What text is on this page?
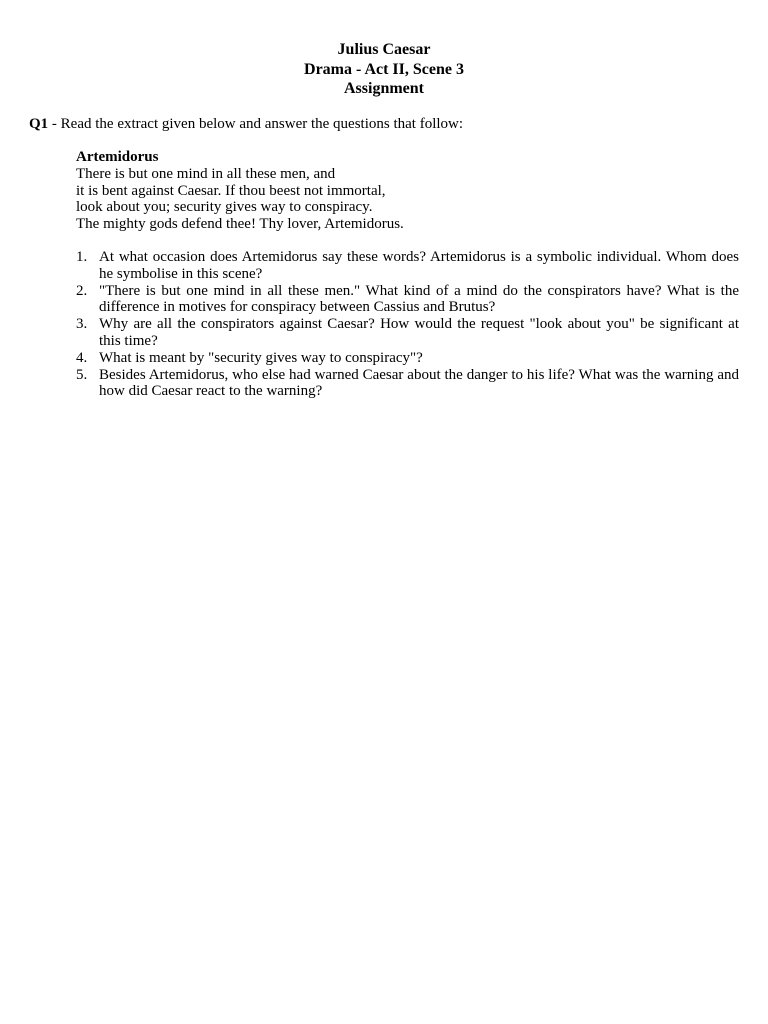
Julius Caesar
Drama - Act II, Scene 3
Assignment
Q1 - Read the extract given below and answer the questions that follow:
Artemidorus
There is but one mind in all these men, and
it is bent against Caesar. If thou beest not immortal,
look about you; security gives way to conspiracy.
The mighty gods defend thee! Thy lover, Artemidorus.
1. At what occasion does Artemidorus say these words? Artemidorus is a symbolic individual. Whom does he symbolise in this scene?
2. "There is but one mind in all these men." What kind of a mind do the conspirators have? What is the difference in motives for conspiracy between Cassius and Brutus?
3. Why are all the conspirators against Caesar? How would the request "look about you" be significant at this time?
4. What is meant by "security gives way to conspiracy"?
5. Besides Artemidorus, who else had warned Caesar about the danger to his life? What was the warning and how did Caesar react to the warning?
